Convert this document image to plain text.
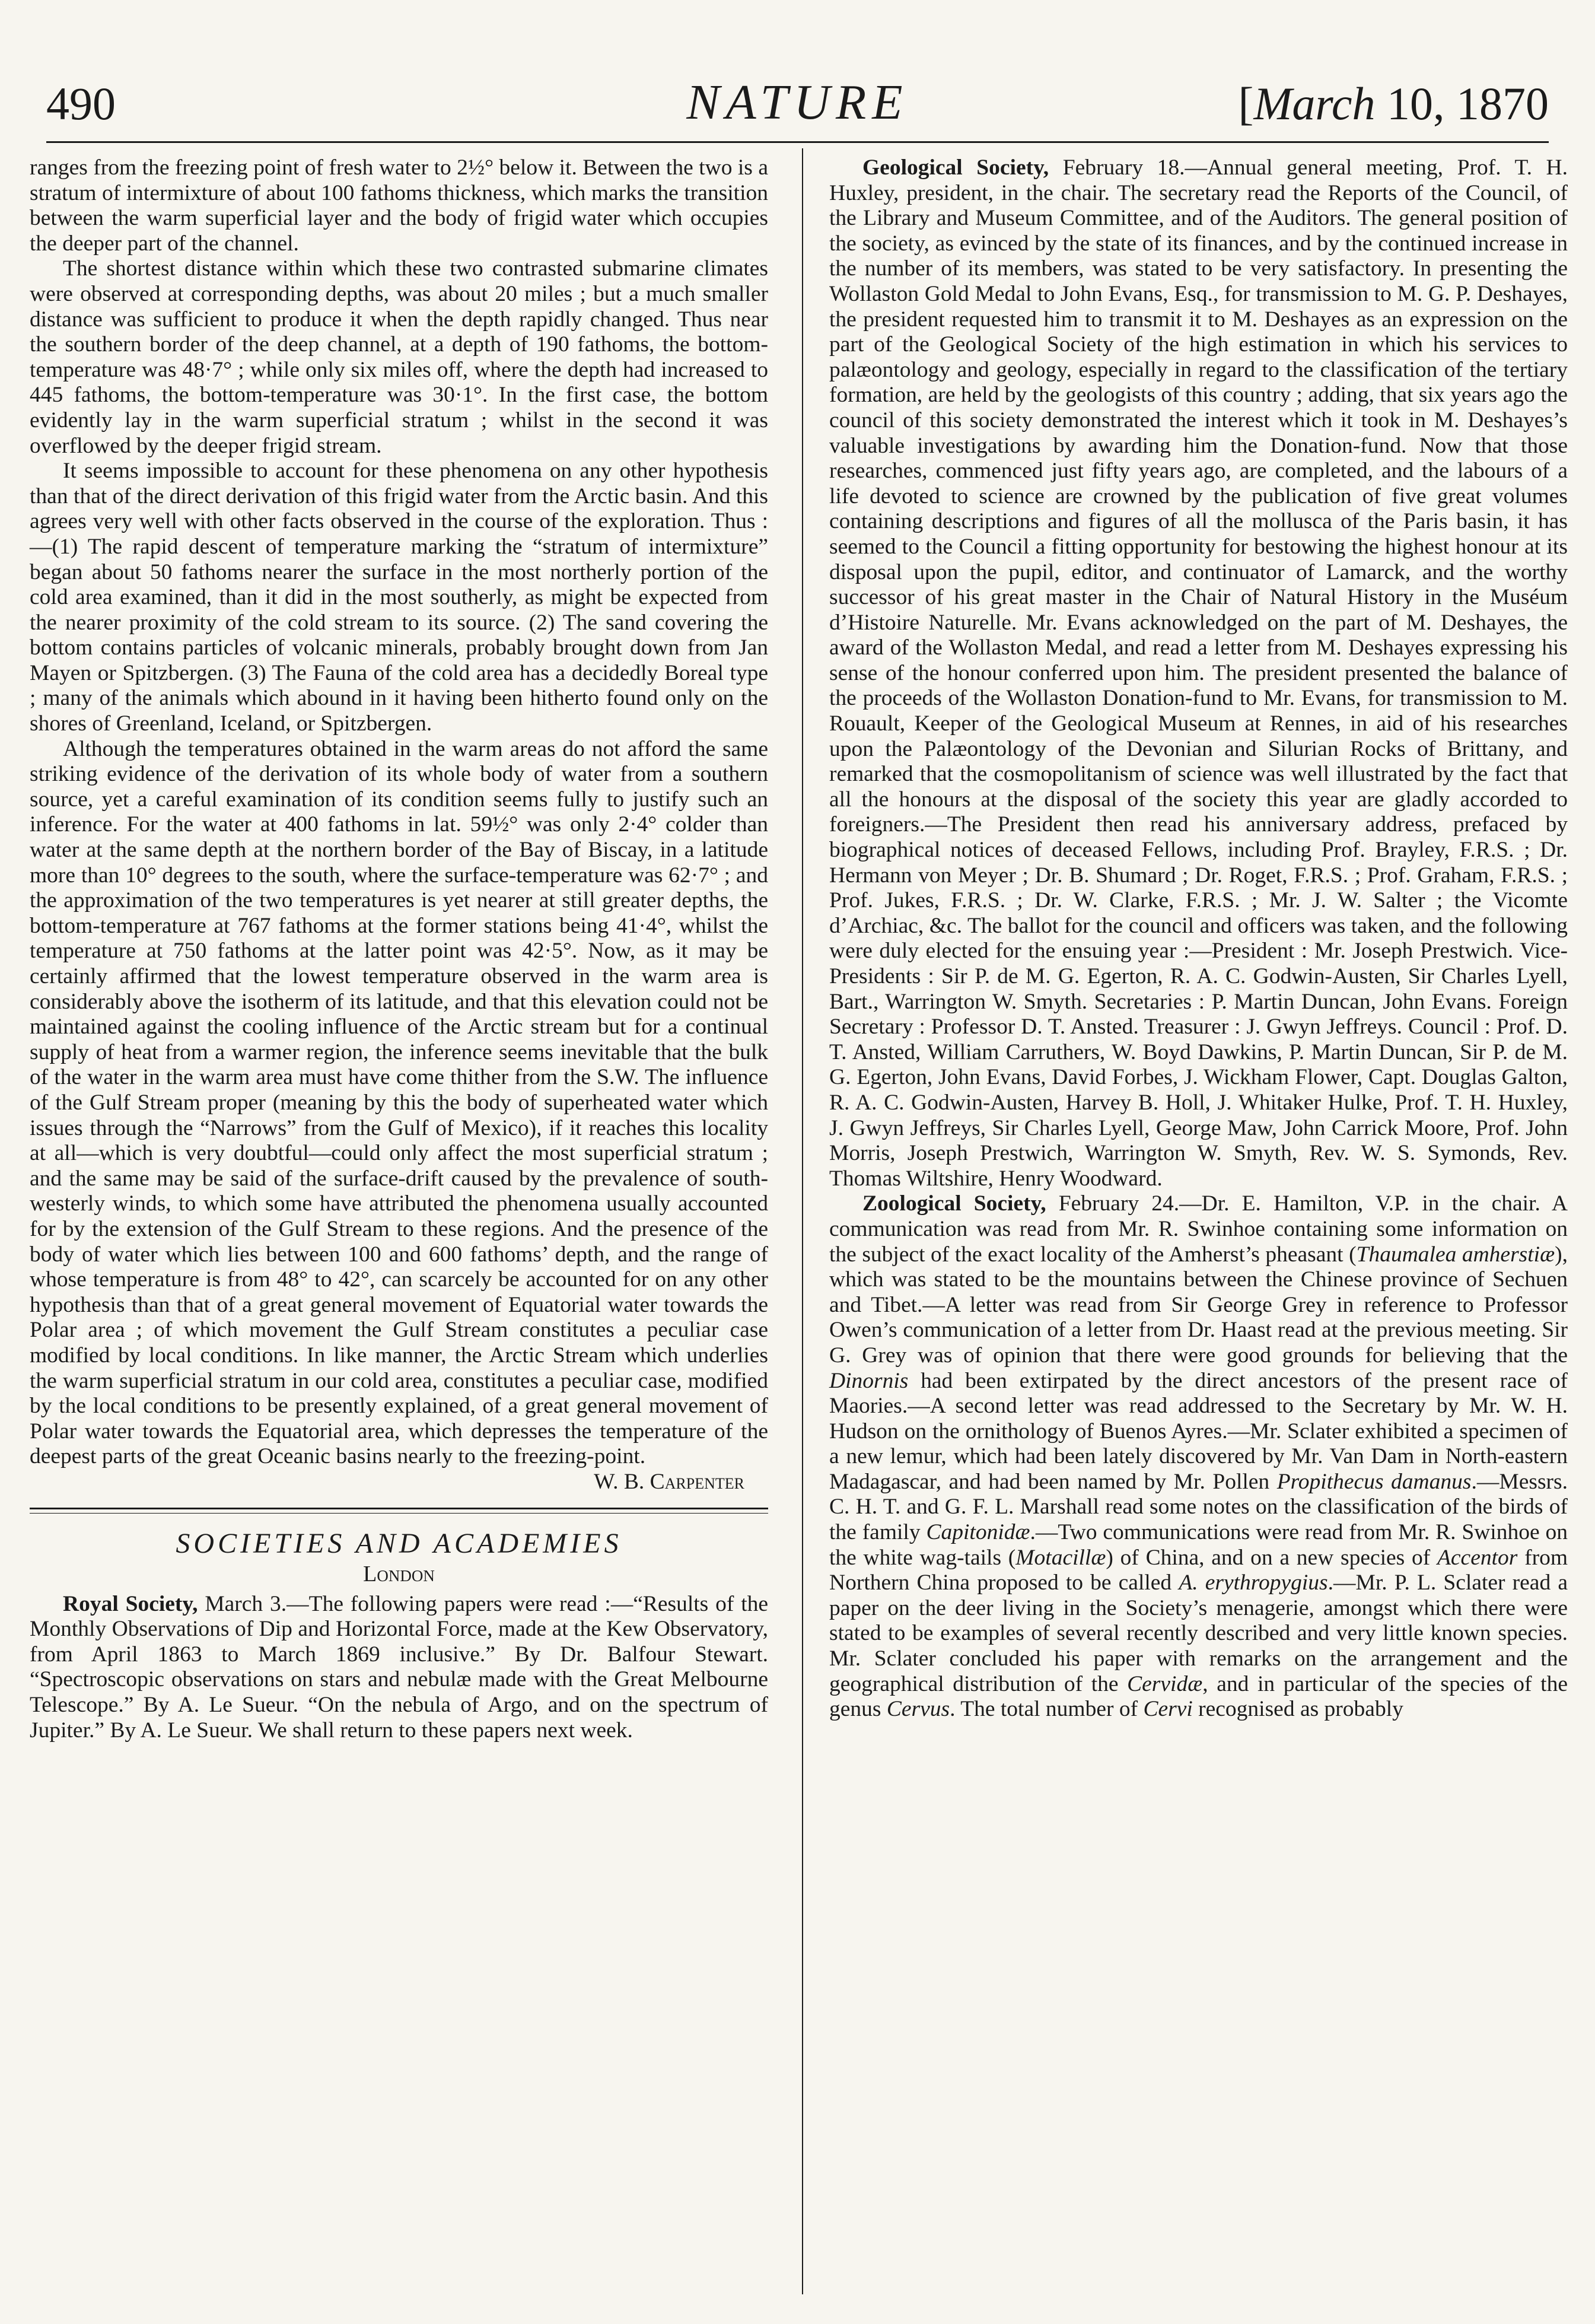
490	NATURE	[March 10, 1870

ranges from the freezing point of fresh water to 2½° below it. Between the two is a stratum of intermixture of about 100 fathoms thickness, which marks the transition between the warm superficial layer and the body of frigid water which occupies the deeper part of the channel.

The shortest distance within which these two contrasted submarine climates were observed at corresponding depths, was about 20 miles ; but a much smaller distance was sufficient to produce it when the depth rapidly changed. Thus near the southern border of the deep channel, at a depth of 190 fathoms, the bottom-temperature was 48·7° ; while only six miles off, where the depth had increased to 445 fathoms, the bottom-temperature was 30·1°. In the first case, the bottom evidently lay in the warm superficial stratum ; whilst in the second it was overflowed by the deeper frigid stream.

It seems impossible to account for these phenomena on any other hypothesis than that of the direct derivation of this frigid water from the Arctic basin. And this agrees very well with other facts observed in the course of the exploration. Thus :—(1) The rapid descent of temperature marking the “stratum of intermixture” began about 50 fathoms nearer the surface in the most northerly portion of the cold area examined, than it did in the most southerly, as might be expected from the nearer proximity of the cold stream to its source. (2) The sand covering the bottom contains particles of volcanic minerals, probably brought down from Jan Mayen or Spitzbergen. (3) The Fauna of the cold area has a decidedly Boreal type ; many of the animals which abound in it having been hitherto found only on the shores of Greenland, Iceland, or Spitzbergen.

Although the temperatures obtained in the warm areas do not afford the same striking evidence of the derivation of its whole body of water from a southern source, yet a careful examination of its condition seems fully to justify such an inference. For the water at 400 fathoms in lat. 59½° was only 2·4° colder than water at the same depth at the northern border of the Bay of Biscay, in a latitude more than 10° degrees to the south, where the surface-temperature was 62·7° ; and the approximation of the two temperatures is yet nearer at still greater depths, the bottom-temperature at 767 fathoms at the former stations being 41·4°, whilst the temperature at 750 fathoms at the latter point was 42·5°. Now, as it may be certainly affirmed that the lowest temperature observed in the warm area is considerably above the isotherm of its latitude, and that this elevation could not be maintained against the cooling influence of the Arctic stream but for a continual supply of heat from a warmer region, the inference seems inevitable that the bulk of the water in the warm area must have come thither from the S.W. The influence of the Gulf Stream proper (meaning by this the body of superheated water which issues through the “Narrows” from the Gulf of Mexico), if it reaches this locality at all—which is very doubtful—could only affect the most superficial stratum ; and the same may be said of the surface-drift caused by the prevalence of south-westerly winds, to which some have attributed the phenomena usually accounted for by the extension of the Gulf Stream to these regions. And the presence of the body of water which lies between 100 and 600 fathoms’ depth, and the range of whose temperature is from 48° to 42°, can scarcely be accounted for on any other hypothesis than that of a great general movement of Equatorial water towards the Polar area ; of which movement the Gulf Stream constitutes a peculiar case modified by local conditions. In like manner, the Arctic Stream which underlies the warm superficial stratum in our cold area, constitutes a peculiar case, modified by the local conditions to be presently explained, of a great general movement of Polar water towards the Equatorial area, which depresses the temperature of the deepest parts of the great Oceanic basins nearly to the freezing-point.

W. B. Carpenter
SOCIETIES AND ACADEMIES
London

Royal Society, March 3.—The following papers were read :—“Results of the Monthly Observations of Dip and Horizontal Force, made at the Kew Observatory, from April 1863 to March 1869 inclusive.” By Dr. Balfour Stewart. “Spectroscopic observations on stars and nebulæ made with the Great Melbourne Telescope.” By A. Le Sueur. “On the nebula of Argo, and on the spectrum of Jupiter.” By A. Le Sueur. We shall return to these papers next week.

Geological Society, February 18.—Annual general meeting, Prof. T. H. Huxley, president, in the chair. The secretary read the Reports of the Council, of the Library and Museum Committee, and of the Auditors. The general position of the society, as evinced by the state of its finances, and by the continued increase in the number of its members, was stated to be very satisfactory. In presenting the Wollaston Gold Medal to John Evans, Esq., for transmission to M. G. P. Deshayes, the president requested him to transmit it to M. Deshayes as an expression on the part of the Geological Society of the high estimation in which his services to palæontology and geology, especially in regard to the classification of the tertiary formation, are held by the geologists of this country ; adding, that six years ago the council of this society demonstrated the interest which it took in M. Deshayes’s valuable investigations by awarding him the Donation-fund. Now that those researches, commenced just fifty years ago, are completed, and the labours of a life devoted to science are crowned by the publication of five great volumes containing descriptions and figures of all the mollusca of the Paris basin, it has seemed to the Council a fitting opportunity for bestowing the highest honour at its disposal upon the pupil, editor, and continuator of Lamarck, and the worthy successor of his great master in the Chair of Natural History in the Muséum d’Histoire Naturelle. Mr. Evans acknowledged on the part of M. Deshayes, the award of the Wollaston Medal, and read a letter from M. Deshayes expressing his sense of the honour conferred upon him. The president presented the balance of the proceeds of the Wollaston Donation-fund to Mr. Evans, for transmission to M. Rouault, Keeper of the Geological Museum at Rennes, in aid of his researches upon the Palæontology of the Devonian and Silurian Rocks of Brittany, and remarked that the cosmopolitanism of science was well illustrated by the fact that all the honours at the disposal of the society this year are gladly accorded to foreigners.—The President then read his anniversary address, prefaced by biographical notices of deceased Fellows, including Prof. Brayley, F.R.S. ; Dr. Hermann von Meyer ; Dr. B. Shumard ; Dr. Roget, F.R.S. ; Prof. Graham, F.R.S. ; Prof. Jukes, F.R.S. ; Dr. W. Clarke, F.R.S. ; Mr. J. W. Salter ; the Vicomte d’Archiac, &c. The ballot for the council and officers was taken, and the following were duly elected for the ensuing year :—President : Mr. Joseph Prestwich. Vice-Presidents : Sir P. de M. G. Egerton, R. A. C. Godwin-Austen, Sir Charles Lyell, Bart., Warrington W. Smyth. Secretaries : P. Martin Duncan, John Evans. Foreign Secretary : Professor D. T. Ansted. Treasurer : J. Gwyn Jeffreys. Council : Prof. D. T. Ansted, William Carruthers, W. Boyd Dawkins, P. Martin Duncan, Sir P. de M. G. Egerton, John Evans, David Forbes, J. Wickham Flower, Capt. Douglas Galton, R. A. C. Godwin-Austen, Harvey B. Holl, J. Whitaker Hulke, Prof. T. H. Huxley, J. Gwyn Jeffreys, Sir Charles Lyell, George Maw, John Carrick Moore, Prof. John Morris, Joseph Prestwich, Warrington W. Smyth, Rev. W. S. Symonds, Rev. Thomas Wiltshire, Henry Woodward.

Zoological Society, February 24.—Dr. E. Hamilton, V.P. in the chair. A communication was read from Mr. R. Swinhoe containing some information on the subject of the exact locality of the Amherst’s pheasant (Thaumalea amherstiæ), which was stated to be the mountains between the Chinese province of Sechuen and Tibet.—A letter was read from Sir George Grey in reference to Professor Owen’s communication of a letter from Dr. Haast read at the previous meeting. Sir G. Grey was of opinion that there were good grounds for believing that the Dinornis had been extirpated by the direct ancestors of the present race of Maories.—A second letter was read addressed to the Secretary by Mr. W. H. Hudson on the ornithology of Buenos Ayres.—Mr. Sclater exhibited a specimen of a new lemur, which had been lately discovered by Mr. Van Dam in North-eastern Madagascar, and had been named by Mr. Pollen Propithecus damanus.—Messrs. C. H. T. and G. F. L. Marshall read some notes on the classification of the birds of the family Capitonidæ.—Two communications were read from Mr. R. Swinhoe on the white wag-tails (Motacillæ) of China, and on a new species of Accentor from Northern China proposed to be called A. erythropygius.—Mr. P. L. Sclater read a paper on the deer living in the Society’s menagerie, amongst which there were stated to be examples of several recently described and very little known species. Mr. Sclater concluded his paper with remarks on the arrangement and the geographical distribution of the Cervidæ, and in particular of the species of the genus Cervus. The total number of Cervi recognised as probably
